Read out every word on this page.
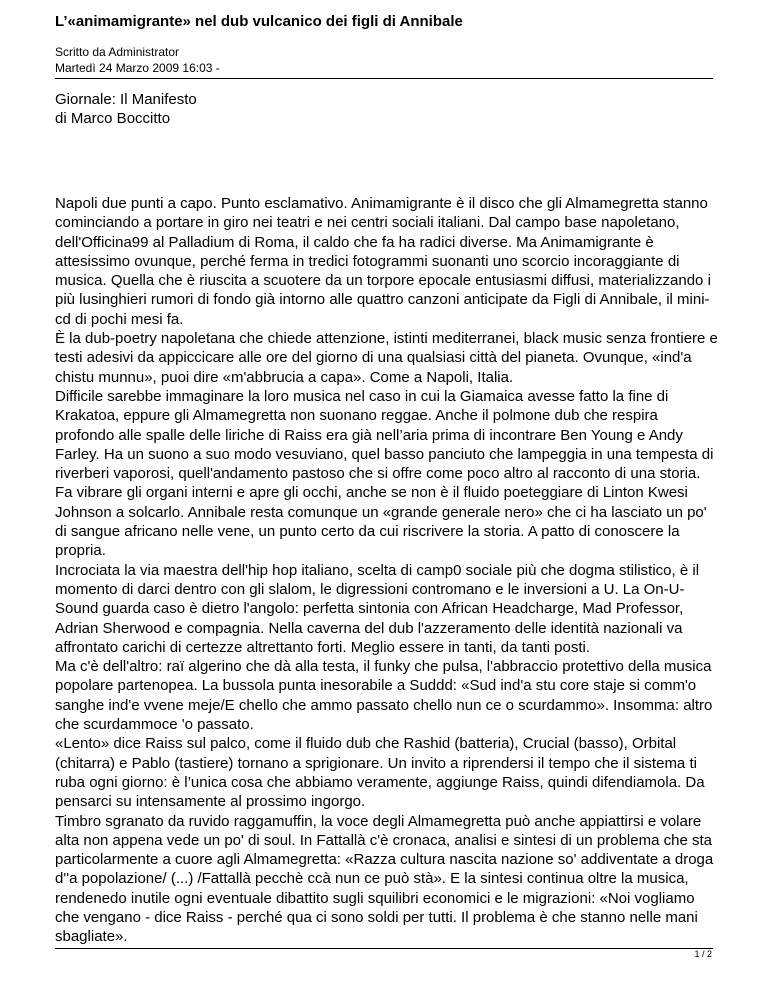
L’«animamigrante» nel dub vulcanico dei figli di Annibale
Scritto da Administrator
Martedì 24 Marzo 2009 16:03 -
Giornale: Il Manifesto
di Marco Boccitto

Napoli due punti a capo. Punto esclamativo. Animamigrante è il disco che gli Almamegretta stanno cominciando a portare in giro nei teatri e nei centri sociali italiani. Dal campo base napoletano, dell'Officina99 al Palladium di Roma, il caldo che fa ha radici diverse. Ma Animamigrante è attesissimo ovunque, perché ferma in tredici fotogrammi suonanti uno scorcio incoraggiante di musica. Quella che è riuscita a scuotere da un torpore epocale entusiasmi diffusi, materializzando i più lusinghieri rumori di fondo già intorno alle quattro canzoni anticipate da Figli di Annibale, il mini-cd di pochi mesi fa.

È la dub-poetry napoletana che chiede attenzione, istinti mediterranei, black music senza frontiere e testi adesivi da appiccicare alle ore del giorno di una qualsiasi città del pianeta. Ovunque, «ind'a chistu munnu», puoi dire «m'abbrucia a capa». Come a Napoli, Italia.

Difficile sarebbe immaginare la loro musica nel caso in cui la Giamaica avesse fatto la fine di Krakatoa, eppure gli Almamegretta non suonano reggae. Anche il polmone dub che respira profondo alle spalle delle liriche di Raiss era già nell’aria prima di incontrare Ben Young e Andy Farley. Ha un suono a suo modo vesuviano, quel basso panciuto che lampeggia in una tempesta di riverberi vaporosi, quell'andamento pastoso che si offre come poco altro al racconto di una storia. Fa vibrare gli organi interni e apre gli occhi, anche se non è il fluido poeteggiare di Linton Kwesi Johnson a solcarlo. Annibale resta comunque un «grande generale nero» che ci ha lasciato un po' di sangue africano nelle vene, un punto certo da cui riscrivere la storia. A patto di conoscere la propria.

Incrociata la via maestra dell'hip hop italiano, scelta di camp0 sociale più che dogma stilistico, è il momento di darci dentro con gli slalom, le digressioni contromano e le inversioni a U. La On-U-Sound guarda caso è dietro l'angolo: perfetta sintonia con African Headcharge, Mad Professor, Adrian Sherwood e compagnia. Nella caverna del dub l'azzeramento delle identità nazionali va affrontato carichi di certezze altrettanto forti. Meglio essere in tanti, da tanti posti.

Ma c'è dell'altro: raï algerino che dà alla testa, il funky che pulsa, l'abbraccio protettivo della musica popolare partenopea. La bussola punta inesorabile a Suddd: «Sud ind'a stu core staje si comm'o sanghe ind'e vvene meje/E chello che ammo passato chello nun ce o scurdammo». Insomma: altro che scurdammoce 'o passato.

«Lento» dice Raiss sul palco, come il fluido dub che Rashid (batteria), Crucial (basso), Orbital (chitarra) e Pablo (tastiere) tornano a sprigionare. Un invito a riprendersi il tempo che il sistema ti ruba ogni giorno: è l’unica cosa che abbiamo veramente, aggiunge Raiss, quindi difendiamola. Da pensarci su intensamente al prossimo ingorgo.

Timbro sgranato da ruvido raggamuffin, la voce degli Almamegretta può anche appiattirsi e volare alta non appena vede un po' di soul. In Fattallà c'è cronaca, analisi e sintesi di un problema che sta particolarmente a cuore agli Almamegretta: «Razza cultura nascita nazione so' addiventate a droga d''a popolazione/ (...) /Fattallà pecchè ccà nun ce può stà». E la sintesi continua oltre la musica, rendenedo inutile ogni eventuale dibattito sugli squilibri economici e le migrazioni: «Noi vogliamo che vengano - dice Raiss - perché qua ci sono soldi per tutti. Il problema è che stanno nelle mani sbagliate».

1 / 2
